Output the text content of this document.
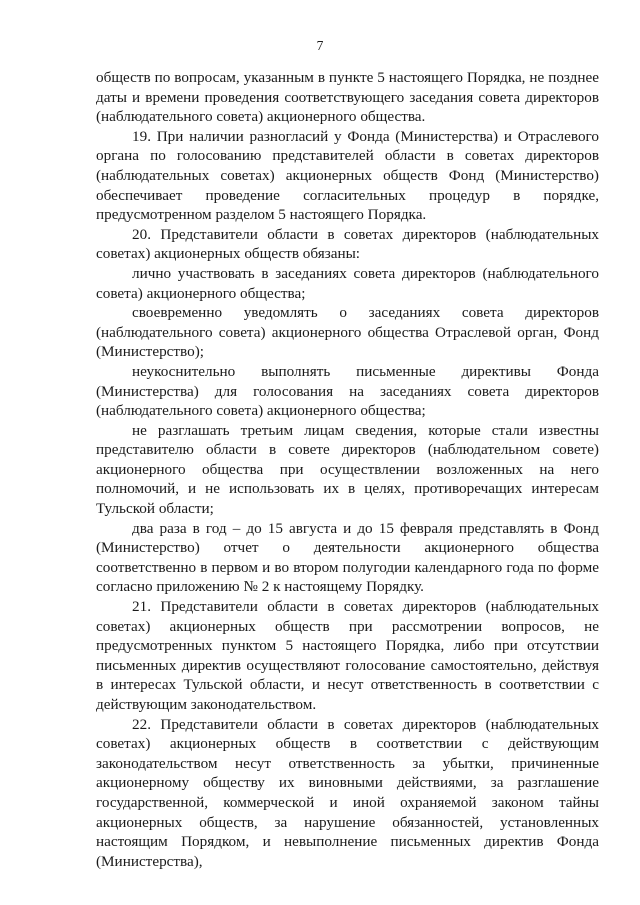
7

обществ по вопросам, указанным в пункте 5 настоящего Порядка, не позднее даты и времени проведения соответствующего заседания совета директоров (наблюдательного совета) акционерного общества.

19. При наличии разногласий у Фонда (Министерства) и Отраслевого органа по голосованию представителей области в советах директоров (наблюдательных советах) акционерных обществ Фонд (Министерство) обеспечивает проведение согласительных процедур в порядке, предусмотренном разделом 5 настоящего Порядка.

20. Представители области в советах директоров (наблюдательных советах) акционерных обществ обязаны:

лично участвовать в заседаниях совета директоров (наблюдательного совета) акционерного общества;

своевременно уведомлять о заседаниях совета директоров (наблюдательного совета) акционерного общества Отраслевой орган, Фонд (Министерство);

неукоснительно выполнять письменные директивы Фонда (Министерства) для голосования на заседаниях совета директоров (наблюдательного совета) акционерного общества;

не разглашать третьим лицам сведения, которые стали известны представителю области в совете директоров (наблюдательном совете) акционерного общества при осуществлении возложенных на него полномочий, и не использовать их в целях, противоречащих интересам Тульской области;

два раза в год – до 15 августа и до 15 февраля представлять в Фонд (Министерство) отчет о деятельности акционерного общества соответственно в первом и во втором полугодии календарного года по форме согласно приложению № 2 к настоящему Порядку.

21. Представители области в советах директоров (наблюдательных советах) акционерных обществ при рассмотрении вопросов, не предусмотренных пунктом 5 настоящего Порядка, либо при отсутствии письменных директив осуществляют голосование самостоятельно, действуя в интересах Тульской области, и несут ответственность в соответствии с действующим законодательством.

22. Представители области в советах директоров (наблюдательных советах) акционерных обществ в соответствии с действующим законодательством несут ответственность за убытки, причиненные акционерному обществу их виновными действиями, за разглашение государственной, коммерческой и иной охраняемой законом тайны акционерных обществ, за нарушение обязанностей, установленных настоящим Порядком, и невыполнение письменных директив Фонда (Министерства),
